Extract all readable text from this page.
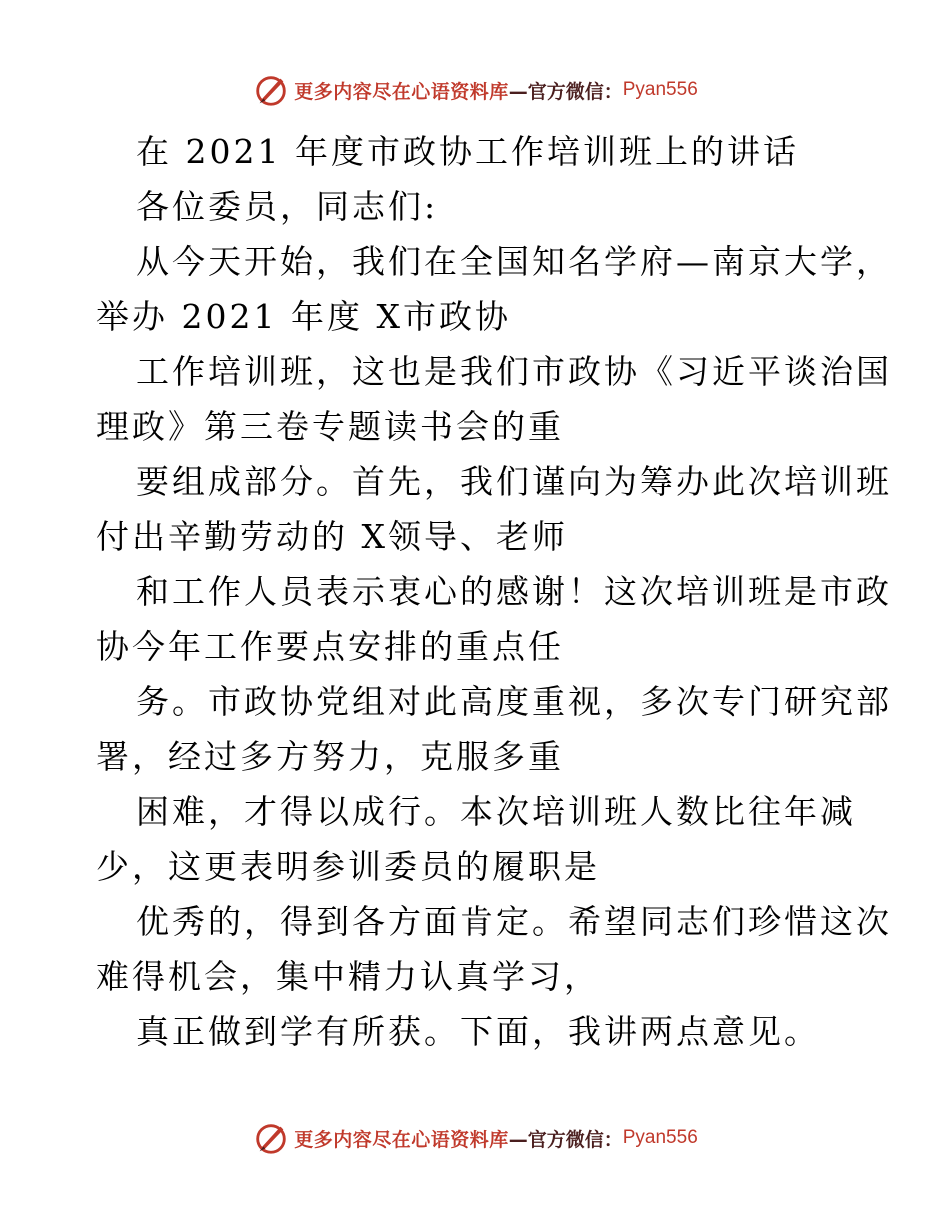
更多内容尽在心语资料库 —官方微信： Pyan556
在 2021 年度市政协工作培训班上的讲话
各位委员，同志们:
从今天开始，我们在全国知名学府—南京大学，
举办 2021 年度 X市政协
工作培训班，这也是我们市政协《习近平谈治国
理政》第三卷专题读书会的重
要组成部分。首先，我们谨向为筹办此次培训班
付出辛勤劳动的 X领导、老师
和工作人员表示衷心的感谢！这次培训班是市政
协今年工作要点安排的重点任
务。市政协党组对此高度重视，多次专门研究部
署，经过多方努力，克服多重
困难，才得以成行。本次培训班人数比往年减
少，这更表明参训委员的履职是
优秀的，得到各方面肯定。希望同志们珍惜这次
难得机会，集中精力认真学习，
真正做到学有所获。下面，我讲两点意见。
更多内容尽在心语资料库 —官方微信： Pyan556
